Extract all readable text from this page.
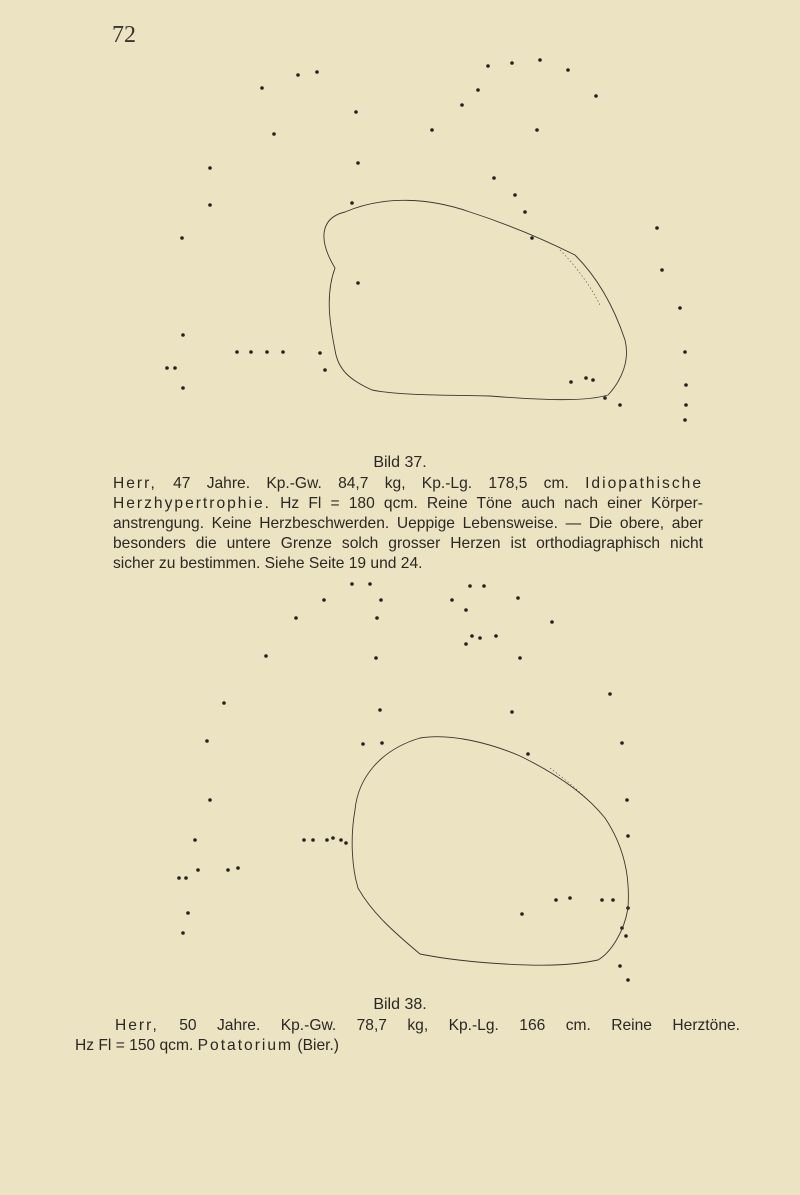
72
Bild 37.
Herr, 47 Jahre. Kp.-Gw. 84,7 kg, Kp.-Lg. 178,5 cm. Idiopathische
Herzhypertrophie. Hz Fl = 180 qcm. Reine Töne auch nach einer Körper-
anstrengung. Keine Herzbeschwerden. Ueppige Lebensweise. — Die obere, aber
besonders die untere Grenze solch grosser Herzen ist orthodiagraphisch nicht
sicher zu bestimmen. Siehe Seite 19 und 24.
Bild 38.
Herr, 50 Jahre. Kp.-Gw. 78,7 kg, Kp.-Lg. 166 cm. Reine Herztöne.
Hz Fl = 150 qcm. Potatorium (Bier.)
